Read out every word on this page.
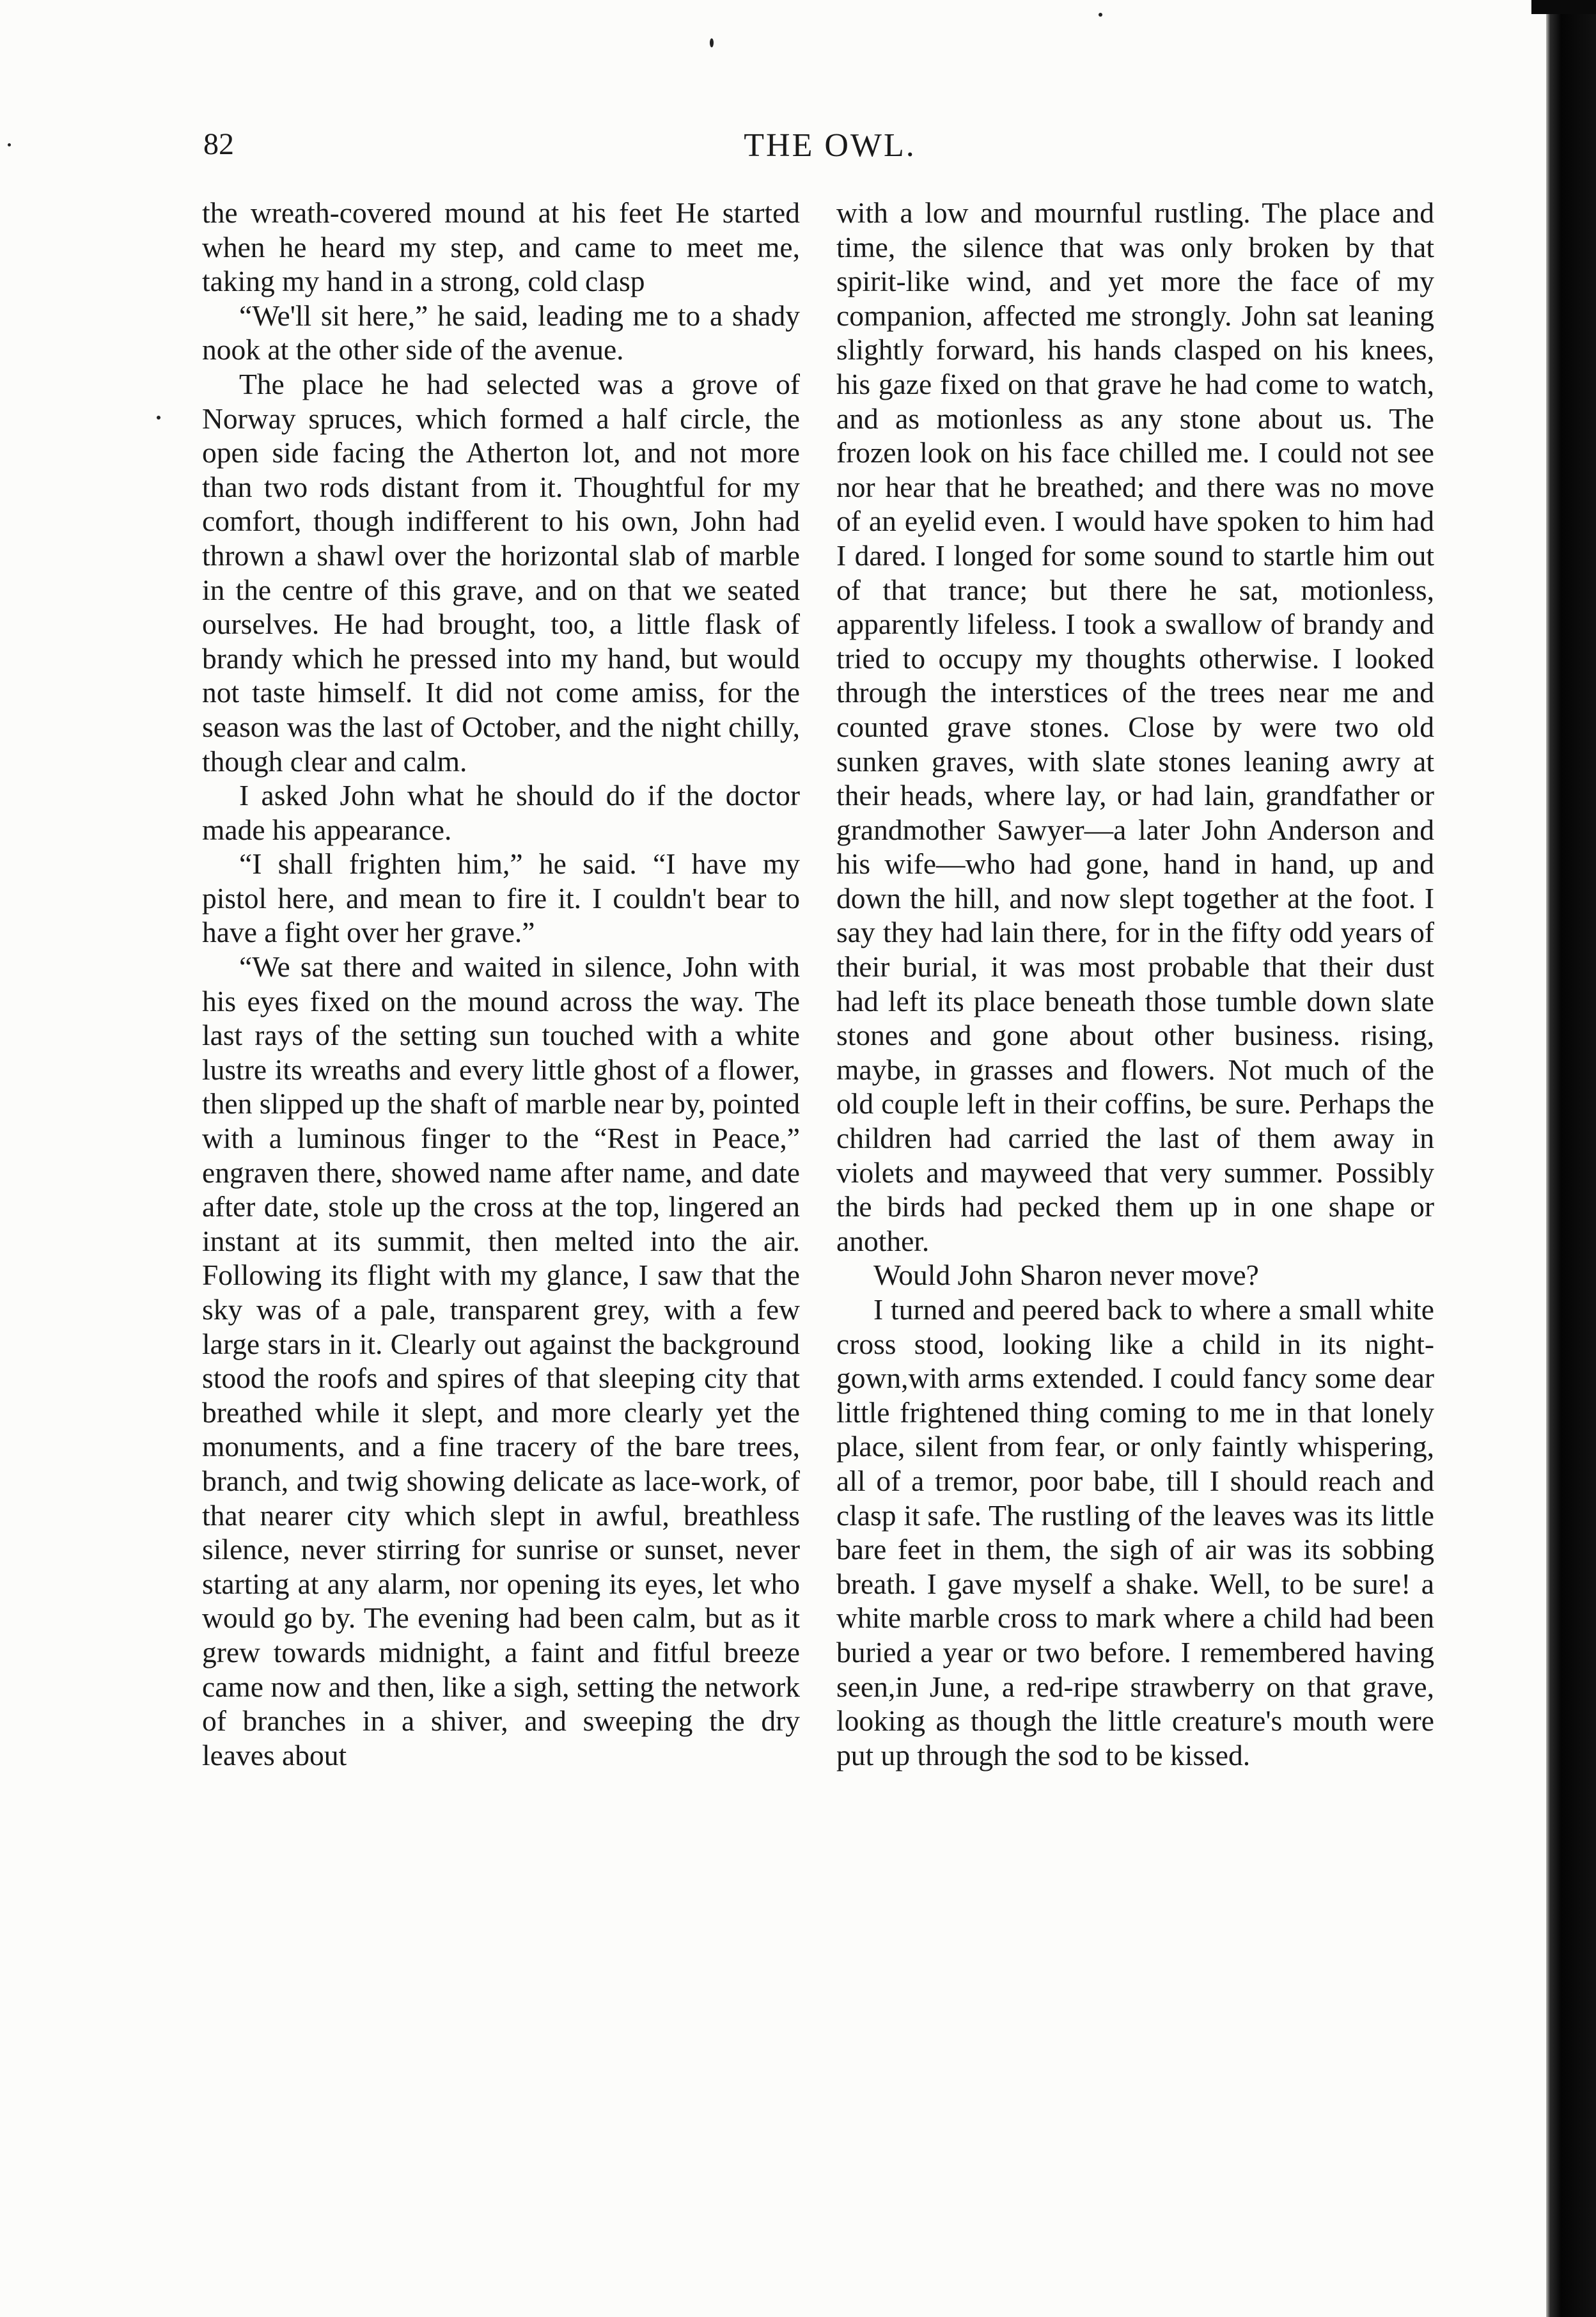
82	THE OWL.

the wreath-covered mound at his feet He started when he heard my step, and came to meet me, taking my hand in a strong, cold clasp

“We'll sit here,” he said, leading me to a shady nook at the other side of the avenue.

The place he had selected was a grove of Norway spruces, which formed a half circle, the open side facing the Atherton lot, and not more than two rods distant from it. Thoughtful for my comfort, though indifferent to his own, John had thrown a shawl over the horizontal slab of marble in the centre of this grave, and on that we seated ourselves. He had brought, too, a little flask of brandy which he pressed into my hand, but would not taste himself. It did not come amiss, for the season was the last of October, and the night chilly, though clear and calm.

I asked John what he should do if the doctor made his appearance.

“I shall frighten him,” he said. “I have my pistol here, and mean to fire it. I couldn't bear to have a fight over her grave.”

“We sat there and waited in silence, John with his eyes fixed on the mound across the way. The last rays of the setting sun touched with a white lustre its wreaths and every little ghost of a flower, then slipped up the shaft of marble near by, pointed with a luminous finger to the “Rest in Peace,” engraven there, showed name after name, and date after date, stole up the cross at the top, lingered an instant at its summit, then melted into the air. Following its flight with my glance, I saw that the sky was of a pale, transparent grey, with a few large stars in it. Clearly out against the background stood the roofs and spires of that sleeping city that breathed while it slept, and more clearly yet the monuments, and a fine tracery of the bare trees, branch, and twig showing delicate as lace-work, of that nearer city which slept in awful, breathless silence, never stirring for sunrise or sunset, never starting at any alarm, nor opening its eyes, let who would go by. The evening had been calm, but as it grew towards midnight, a faint and fitful breeze came now and then, like a sigh, setting the network of branches in a shiver, and sweeping the dry leaves about

with a low and mournful rustling. The place and time, the silence that was only broken by that spirit-like wind, and yet more the face of my companion, affected me strongly. John sat leaning slightly forward, his hands clasped on his knees, his gaze fixed on that grave he had come to watch, and as motionless as any stone about us. The frozen look on his face chilled me. I could not see nor hear that he breathed; and there was no move of an eyelid even. I would have spoken to him had I dared. I longed for some sound to startle him out of that trance; but there he sat, motionless, apparently lifeless. I took a swallow of brandy and tried to occupy my thoughts otherwise. I looked through the interstices of the trees near me and counted grave stones. Close by were two old sunken graves, with slate stones leaning awry at their heads, where lay, or had lain, grandfather or grandmother Sawyer—a later John Anderson and his wife—who had gone, hand in hand, up and down the hill, and now slept together at the foot. I say they had lain there, for in the fifty odd years of their burial, it was most probable that their dust had left its place beneath those tumble down slate stones and gone about other business. rising, maybe, in grasses and flowers. Not much of the old couple left in their coffins, be sure. Perhaps the children had carried the last of them away in violets and mayweed that very summer. Possibly the birds had pecked them up in one shape or another.

Would John Sharon never move?

I turned and peered back to where a small white cross stood, looking like a child in its night-gown,with arms extended. I could fancy some dear little frightened thing coming to me in that lonely place, silent from fear, or only faintly whispering, all of a tremor, poor babe, till I should reach and clasp it safe. The rustling of the leaves was its little bare feet in them, the sigh of air was its sobbing breath. I gave myself a shake. Well, to be sure! a white marble cross to mark where a child had been buried a year or two before. I remembered having seen,in June, a red-ripe strawberry on that grave, looking as though the little creature's mouth were put up through the sod to be kissed.
